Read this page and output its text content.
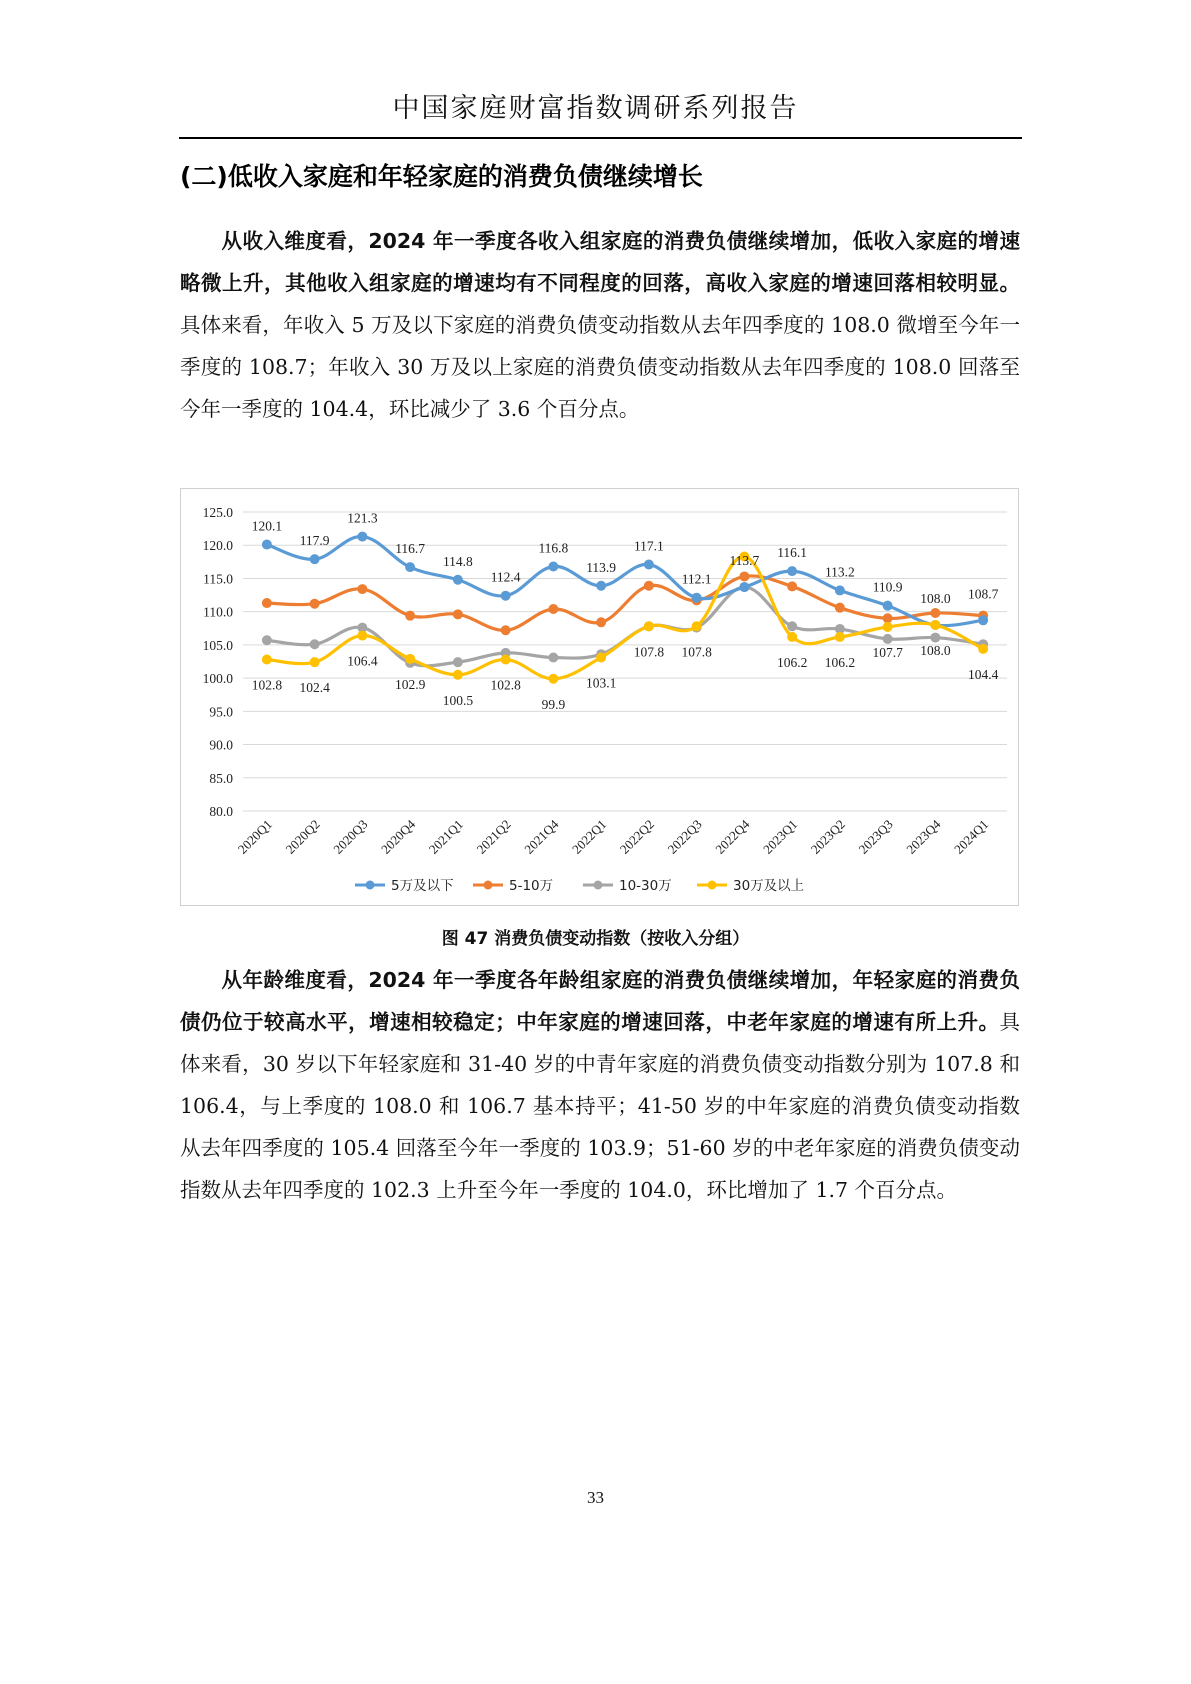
中国家庭财富指数调研系列报告
(二)低收入家庭和年轻家庭的消费负债继续增长
从收入维度看，2024 年一季度各收入组家庭的消费负债继续增加，低收入家庭的增速略微上升，其他收入组家庭的增速均有不同程度的回落，高收入家庭的增速回落相较明显。具体来看，年收入 5 万及以下家庭的消费负债变动指数从去年四季度的 108.0 微增至今年一季度的 108.7；年收入 30 万及以上家庭的消费负债变动指数从去年四季度的 108.0 回落至今年一季度的 104.4，环比减少了 3.6 个百分点。
80.0
85.0
90.0
95.0
100.0
105.0
110.0
115.0
120.0
125.0
2020Q1 2020Q2 2020Q3 2020Q4 2021Q1 2021Q2 2021Q4 2022Q1 2022Q2 2022Q3 2022Q4 2023Q1 2023Q2 2023Q3 2023Q4 2024Q1
120.1
117.9
121.3
116.7
114.8
112.4
116.8
113.9
117.1
112.1
113.7
116.1
113.2
110.9
108.0 108.7
102.8 102.4
106.4
102.9
100.5
102.8
99.9
103.1
107.8 107.8
106.2 106.2
107.7 108.0
104.4
5万及以下	5-10万	10-30万	30万及以上
图 47 消费负债变动指数（按收入分组）
从年龄维度看，2024 年一季度各年龄组家庭的消费负债继续增加，年轻家庭的消费负债仍位于较高水平，增速相较稳定；中年家庭的增速回落，中老年家庭的增速有所上升。具体来看，30 岁以下年轻家庭和 31-40 岁的中青年家庭的消费负债变动指数分别为 107.8 和 106.4，与上季度的 108.0 和 106.7 基本持平；41-50 岁的中年家庭的消费负债变动指数从去年四季度的 105.4 回落至今年一季度的 103.9；51-60 岁的中老年家庭的消费负债变动指数从去年四季度的 102.3 上升至今年一季度的 104.0，环比增加了 1.7 个百分点。
33
